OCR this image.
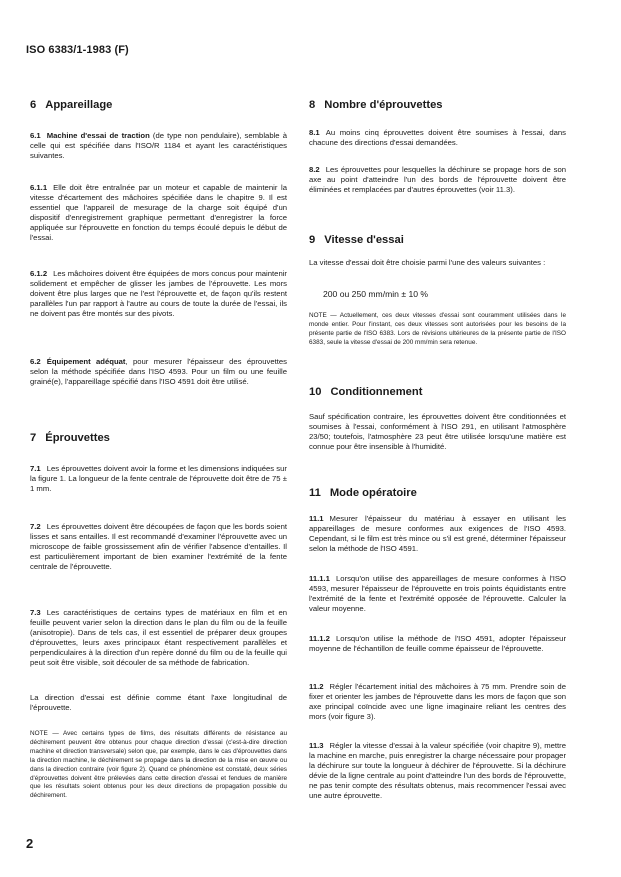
ISO 6383/1-1983 (F)
6 Appareillage

6.1 Machine d'essai de traction (de type non pendulaire), semblable à celle qui est spécifiée dans l'ISO/R 1184 et ayant les caractéristiques suivantes.

6.1.1 Elle doit être entraînée par un moteur et capable de maintenir la vitesse d'écartement des mâchoires spécifiée dans le chapitre 9. Il est essentiel que l'appareil de mesurage de la charge soit équipé d'un dispositif d'enregistrement graphique permettant d'enregistrer la force appliquée sur l'éprouvette en fonction du temps écoulé depuis le début de l'essai.

6.1.2 Les mâchoires doivent être équipées de mors concus pour maintenir solidement et empêcher de glisser les jambes de l'éprouvette. Les mors doivent être plus larges que ne l'est l'éprouvette et, de façon qu'ils restent parallèles l'un par rapport à l'autre au cours de toute la durée de l'essai, ils ne doivent pas être montés sur des pivots.

6.2 Équipement adéquat, pour mesurer l'épaisseur des éprouvettes selon la méthode spécifiée dans l'ISO 4593. Pour un film ou une feuille grainé(e), l'appareillage spécifié dans l'ISO 4591 doit être utilisé.

7 Éprouvettes

7.1 Les éprouvettes doivent avoir la forme et les dimensions indiquées sur la figure 1. La longueur de la fente centrale de l'éprouvette doit être de 75 ± 1 mm.

7.2 Les éprouvettes doivent être découpées de façon que les bords soient lisses et sans entailles. Il est recommandé d'examiner l'éprouvette avec un microscope de faible grossissement afin de vérifier l'absence d'entailles. Il est particulièrement important de bien examiner l'extrémité de la fente centrale de l'éprouvette.

7.3 Les caractéristiques de certains types de matériaux en film et en feuille peuvent varier selon la direction dans le plan du film ou de la feuille (anisotropie). Dans de tels cas, il est essentiel de préparer deux groupes d'éprouvettes, leurs axes principaux étant respectivement parallèles et perpendiculaires à la direction d'un repère donné du film ou de la feuille qui peut soit être visible, soit découler de sa méthode de fabrication.

La direction d'essai est définie comme étant l'axe longitudinal de l'éprouvette.

NOTE — Avec certains types de films, des résultats différents de résistance au déchirement peuvent être obtenus pour chaque direction d'essai (c'est-à-dire direction machine et direction transversale) selon que, par exemple, dans le cas d'éprouvettes dans la direction machine, le déchirement se propage dans la direction de la mise en œuvre ou dans la direction contraire (voir figure 2). Quand ce phénomène est constaté, deux séries d'éprouvettes doivent être prélevées dans cette direction d'essai et fendues de manière que les résultats soient obtenus pour les deux directions de propagation possible du déchirement.

8 Nombre d'éprouvettes

8.1 Au moins cinq éprouvettes doivent être soumises à l'essai, dans chacune des directions d'essai demandées.

8.2 Les éprouvettes pour lesquelles la déchirure se propage hors de son axe au point d'atteindre l'un des bords de l'éprouvette doivent être éliminées et remplacées par d'autres éprouvettes (voir 11.3).

9 Vitesse d'essai

La vitesse d'essai doit être choisie parmi l'une des valeurs suivantes :

200 ou 250 mm/min ± 10 %

NOTE — Actuellement, ces deux vitesses d'essai sont couramment utilisées dans le monde entier. Pour l'instant, ces deux vitesses sont autorisées pour les besoins de la présente partie de l'ISO 6383. Lors de révisions ultérieures de la présente partie de l'ISO 6383, seule la vitesse d'essai de 200 mm/min sera retenue.

10 Conditionnement

Sauf spécification contraire, les éprouvettes doivent être conditionnées et soumises à l'essai, conformément à l'ISO 291, en utilisant l'atmosphère 23/50; toutefois, l'atmosphère 23 peut être utilisée lorsqu'une matière est connue pour être insensible à l'humidité.

11 Mode opératoire

11.1 Mesurer l'épaisseur du matériau à essayer en utilisant les appareillages de mesure conformes aux exigences de l'ISO 4593. Cependant, si le film est très mince ou s'il est grené, déterminer l'épaisseur selon la méthode de l'ISO 4591.

11.1.1 Lorsqu'on utilise des appareillages de mesure conformes à l'ISO 4593, mesurer l'épaisseur de l'éprouvette en trois points équidistants entre l'extrémité de la fente et l'extrémité opposée de l'éprouvette. Calculer la valeur moyenne.

11.1.2 Lorsqu'on utilise la méthode de l'ISO 4591, adopter l'épaisseur moyenne de l'échantillon de feuille comme épaisseur de l'éprouvette.

11.2 Régler l'écartement initial des mâchoires à 75 mm. Prendre soin de fixer et orienter les jambes de l'éprouvette dans les mors de façon que son axe principal coïncide avec une ligne imaginaire reliant les centres des mors (voir figure 3).

11.3 Régler la vitesse d'essai à la valeur spécifiée (voir chapitre 9), mettre la machine en marche, puis enregistrer la charge nécessaire pour propager la déchirure sur toute la longueur à déchirer de l'éprouvette. Si la déchirure dévie de la ligne centrale au point d'atteindre l'un des bords de l'éprouvette, ne pas tenir compte des résultats obtenus, mais recommencer l'essai avec une autre éprouvette.

2
